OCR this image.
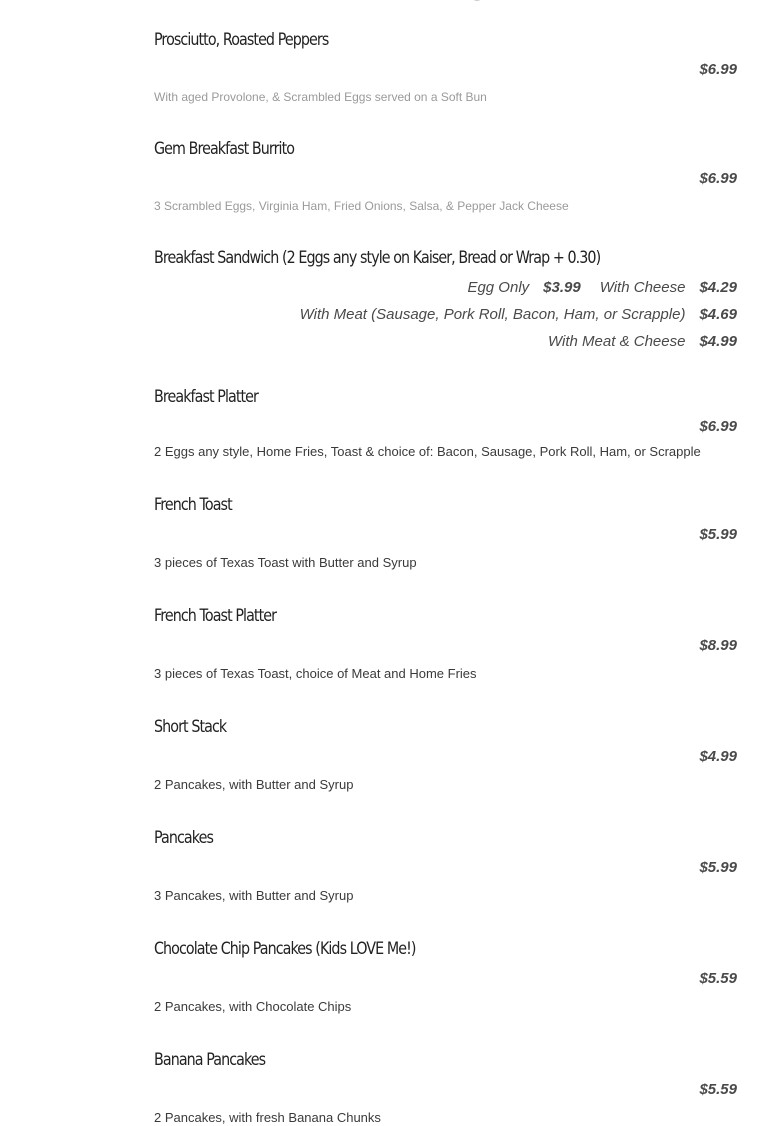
Prosciutto, Roasted Peppers
$6.99
With aged Provolone, & Scrambled Eggs served on a Soft Bun
Gem Breakfast Burrito
$6.99
3 Scrambled Eggs, Virginia Ham, Fried Onions, Salsa, & Pepper Jack Cheese
Breakfast Sandwich (2 Eggs any style on Kaiser, Bread or Wrap + 0.30)
Egg Only $3.99 With Cheese $4.29
With Meat (Sausage, Pork Roll, Bacon, Ham, or Scrapple) $4.69
With Meat & Cheese $4.99
Breakfast Platter
$6.99
2 Eggs any style, Home Fries, Toast & choice of: Bacon, Sausage, Pork Roll, Ham, or Scrapple
French Toast
$5.99
3 pieces of Texas Toast with Butter and Syrup
French Toast Platter
$8.99
3 pieces of Texas Toast, choice of Meat and Home Fries
Short Stack
$4.99
2 Pancakes, with Butter and Syrup
Pancakes
$5.99
3 Pancakes, with Butter and Syrup
Chocolate Chip Pancakes (Kids LOVE Me!)
$5.59
2 Pancakes, with Chocolate Chips
Banana Pancakes
$5.59
2 Pancakes, with fresh Banana Chunks
